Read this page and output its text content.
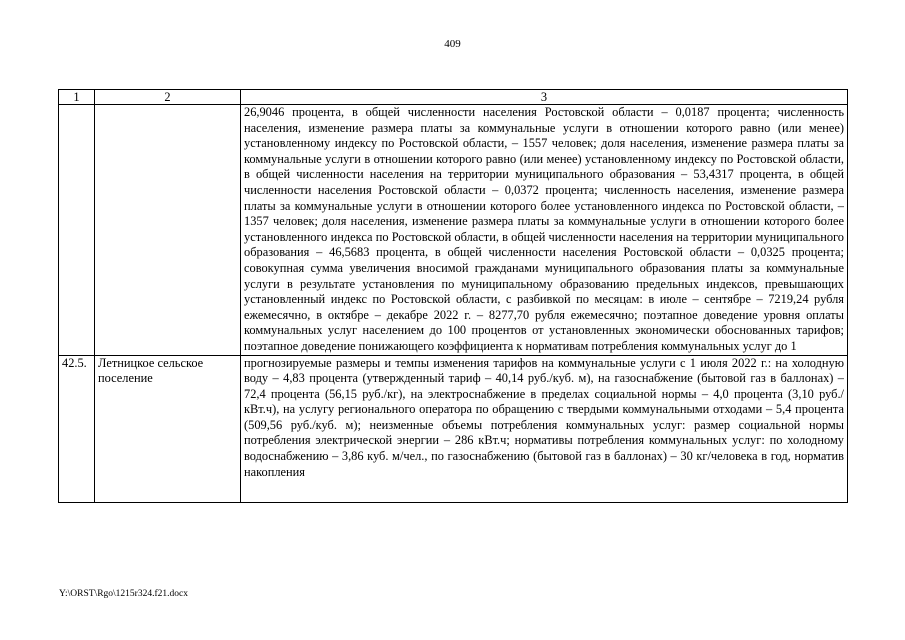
409
1	2	3
		26,9046 процента, в общей численности населения Ростовской области – 0,0187 процента; численность населения, изменение размера платы за коммунальные услуги в отношении которого равно (или менее) установленному индексу по Ростовской области, – 1557 человек; доля населения, изменение размера платы за коммунальные услуги в отношении которого равно (или менее) установленному индексу по Ростовской области, в общей численности населения на территории муниципального образования – 53,4317 процента, в общей численности населения Ростовской области – 0,0372 процента; численность населения, изменение размера платы за коммунальные услуги в отношении которого более установленного индекса по Ростовской области, – 1357 человек; доля населения, изменение размера платы за коммунальные услуги в отношении которого более установленного индекса по Ростовской области, в общей численности населения на территории муниципального образования – 46,5683 процента, в общей численности населения Ростовской области – 0,0325 процента; совокупная сумма увеличения вносимой гражданами муниципального образования платы за коммунальные услуги в результате установления по муниципальному образованию предельных индексов, превышающих установленный индекс по Ростовской области, с разбивкой по месяцам: в июле – сентябре – 7219,24 рубля ежемесячно, в октябре – декабре 2022 г. – 8277,70 рубля ежемесячно; поэтапное доведение уровня оплаты коммунальных услуг населением до 100 процентов от установленных экономически обоснованных тарифов; поэтапное доведение понижающего коэффициента к нормативам потребления коммунальных услуг до 1
42.5.	Летницкое сельское поселение	прогнозируемые размеры и темпы изменения тарифов на коммунальные услуги с 1 июля 2022 г.: на холодную воду – 4,83 процента (утвержденный тариф – 40,14 руб./куб. м), на газоснабжение (бытовой газ в баллонах) – 72,4 процента (56,15 руб./кг), на электроснабжение в пределах социальной нормы – 4,0 процента (3,10 руб./кВт.ч), на услугу регионального оператора по обращению с твердыми коммунальными отходами – 5,4 процента (509,56 руб./куб. м); неизменные объемы потребления коммунальных услуг: размер социальной нормы потребления электрической энергии – 286 кВт.ч; нормативы потребления коммунальных услуг: по холодному водоснабжению – 3,86 куб. м/чел., по газоснабжению (бытовой газ в баллонах) – 30 кг/человека в год, норматив накопления
Y:\ORST\Rgo\1215r324.f21.docx
